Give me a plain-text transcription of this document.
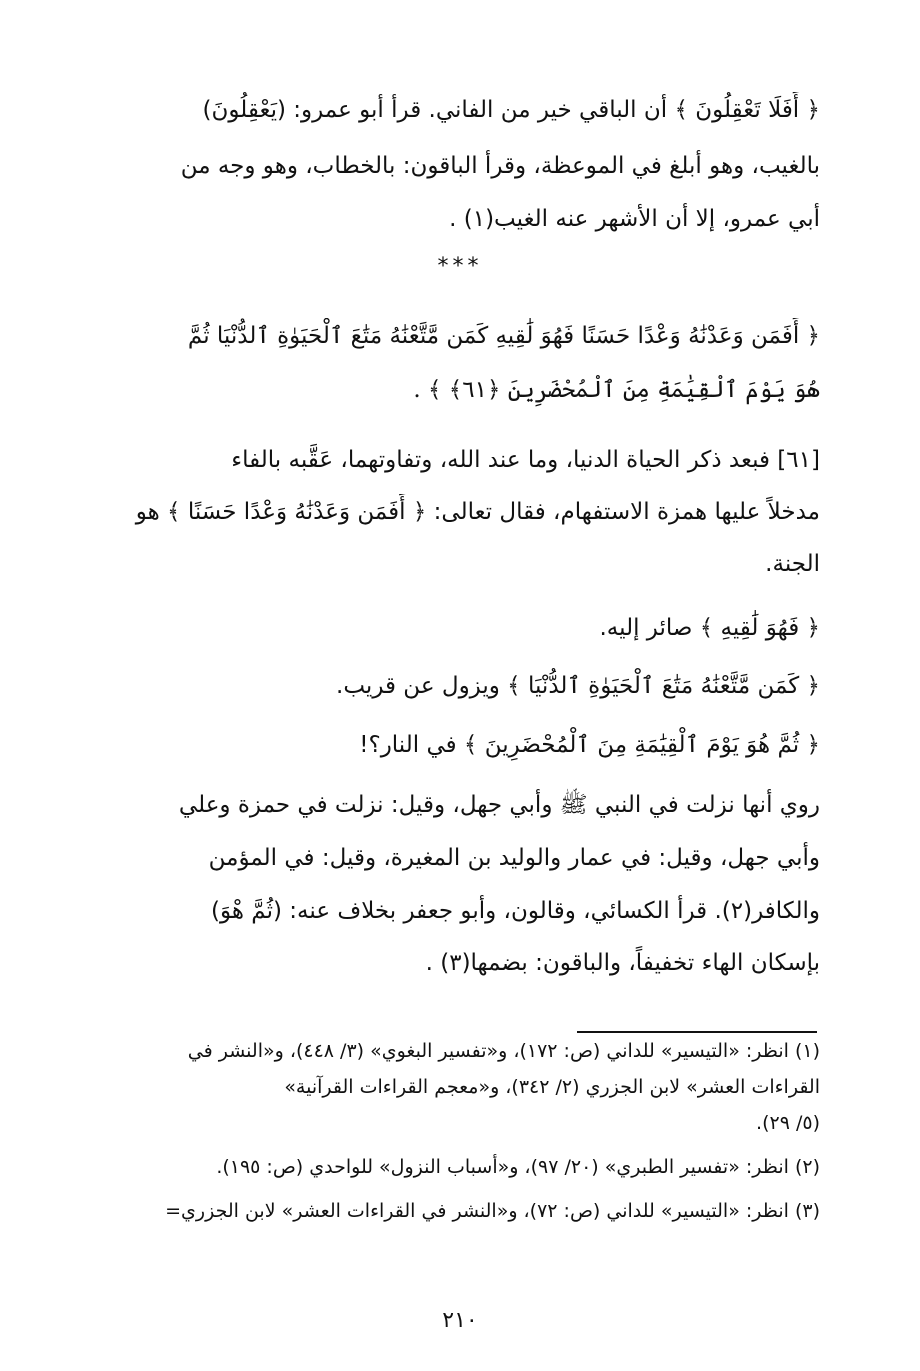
﴿ أَفَلَا تَعْقِلُونَ ﴾ أن الباقي خير من الفاني. قرأ أبو عمرو: (يَعْقِلُونَ)
بالغيب، وهو أبلغ في الموعظة، وقرأ الباقون: بالخطاب، وهو وجه من
أبي عمرو، إلا أن الأشهر عنه الغيب(١) .
***
﴿ أَفَمَن وَعَدْنَٰهُ وَعْدًا حَسَنًا فَهُوَ لَٰقِيهِ كَمَن مَّتَّعْنَٰهُ مَتَٰعَ ٱلْحَيَوٰةِ ٱلدُّنْيَا ثُمَّ
هُوَ يَوْمَ ٱلْقِيَٰمَةِ مِنَ ٱلْمُحْضَرِينَ ﴿٦١﴾ ﴾ .
[٦١] فبعد ذكر الحياة الدنيا، وما عند الله، وتفاوتهما، عَقَّبه بالفاء
مدخلاً عليها همزة الاستفهام، فقال تعالى: ﴿ أَفَمَن وَعَدْنَٰهُ وَعْدًا حَسَنًا ﴾ هو
الجنة.
﴿ فَهُوَ لَٰقِيهِ ﴾ صائر إليه.
﴿ كَمَن مَّتَّعْنَٰهُ مَتَٰعَ ٱلْحَيَوٰةِ ٱلدُّنْيَا ﴾ ويزول عن قريب.
﴿ ثُمَّ هُوَ يَوْمَ ٱلْقِيَٰمَةِ مِنَ ٱلْمُحْضَرِينَ ﴾ في النار؟!
روي أنها نزلت في النبي ﷺ وأبي جهل، وقيل: نزلت في حمزة وعلي
وأبي جهل، وقيل: في عمار والوليد بن المغيرة، وقيل: في المؤمن
والكافر(٢). قرأ الكسائي، وقالون، وأبو جعفر بخلاف عنه: (ثُمَّ هْوَ)
بإسكان الهاء تخفيفاً، والباقون: بضمها(٣) .
(١) انظر: «التيسير» للداني (ص: ١٧٢)، و«تفسير البغوي» (٣/ ٤٤٨)، و«النشر في
القراءات العشر» لابن الجزري (٢/ ٣٤٢)، و«معجم القراءات القرآنية»
(٥/ ٢٩).
(٢) انظر: «تفسير الطبري» (٢٠/ ٩٧)، و«أسباب النزول» للواحدي (ص: ١٩٥).
(٣) انظر: «التيسير» للداني (ص: ٧٢)، و«النشر في القراءات العشر» لابن الجزري=
٢١٠
